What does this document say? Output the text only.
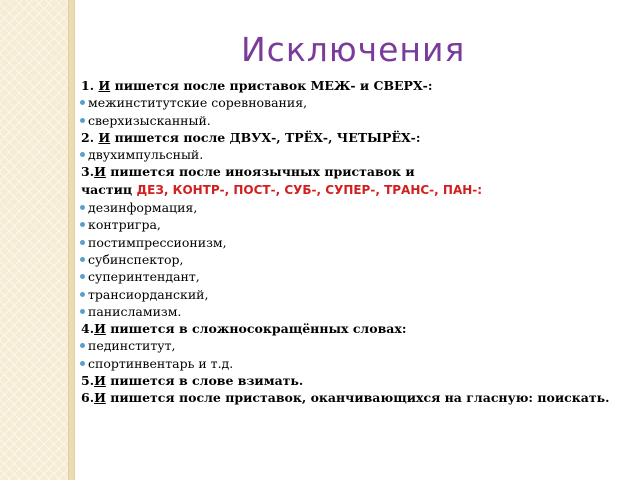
Исключения
1. И пишется после приставок МЕЖ- и СВЕРХ-:
межинститутские соревнования,
сверхизысканный.
2. И пишется после ДВУХ-, ТРЁХ-, ЧЕТЫРЁХ-:
двухимпульсный.
3.И пишется после иноязычных приставок и
частиц ДЕЗ, КОНТР-, ПОСТ-, СУБ-, СУПЕР-, ТРАНС-, ПАН-:
дезинформация,
контригра,
постимпрессионизм,
субинспектор,
суперинтендант,
трансиорданский,
панисламизм.
4.И пишется в сложносокращённых словах:
пединститут,
спортинвентарь и т.д.
5.И пишется в слове взимать.
6.И пишется после приставок, оканчивающихся на гласную: поискать.
